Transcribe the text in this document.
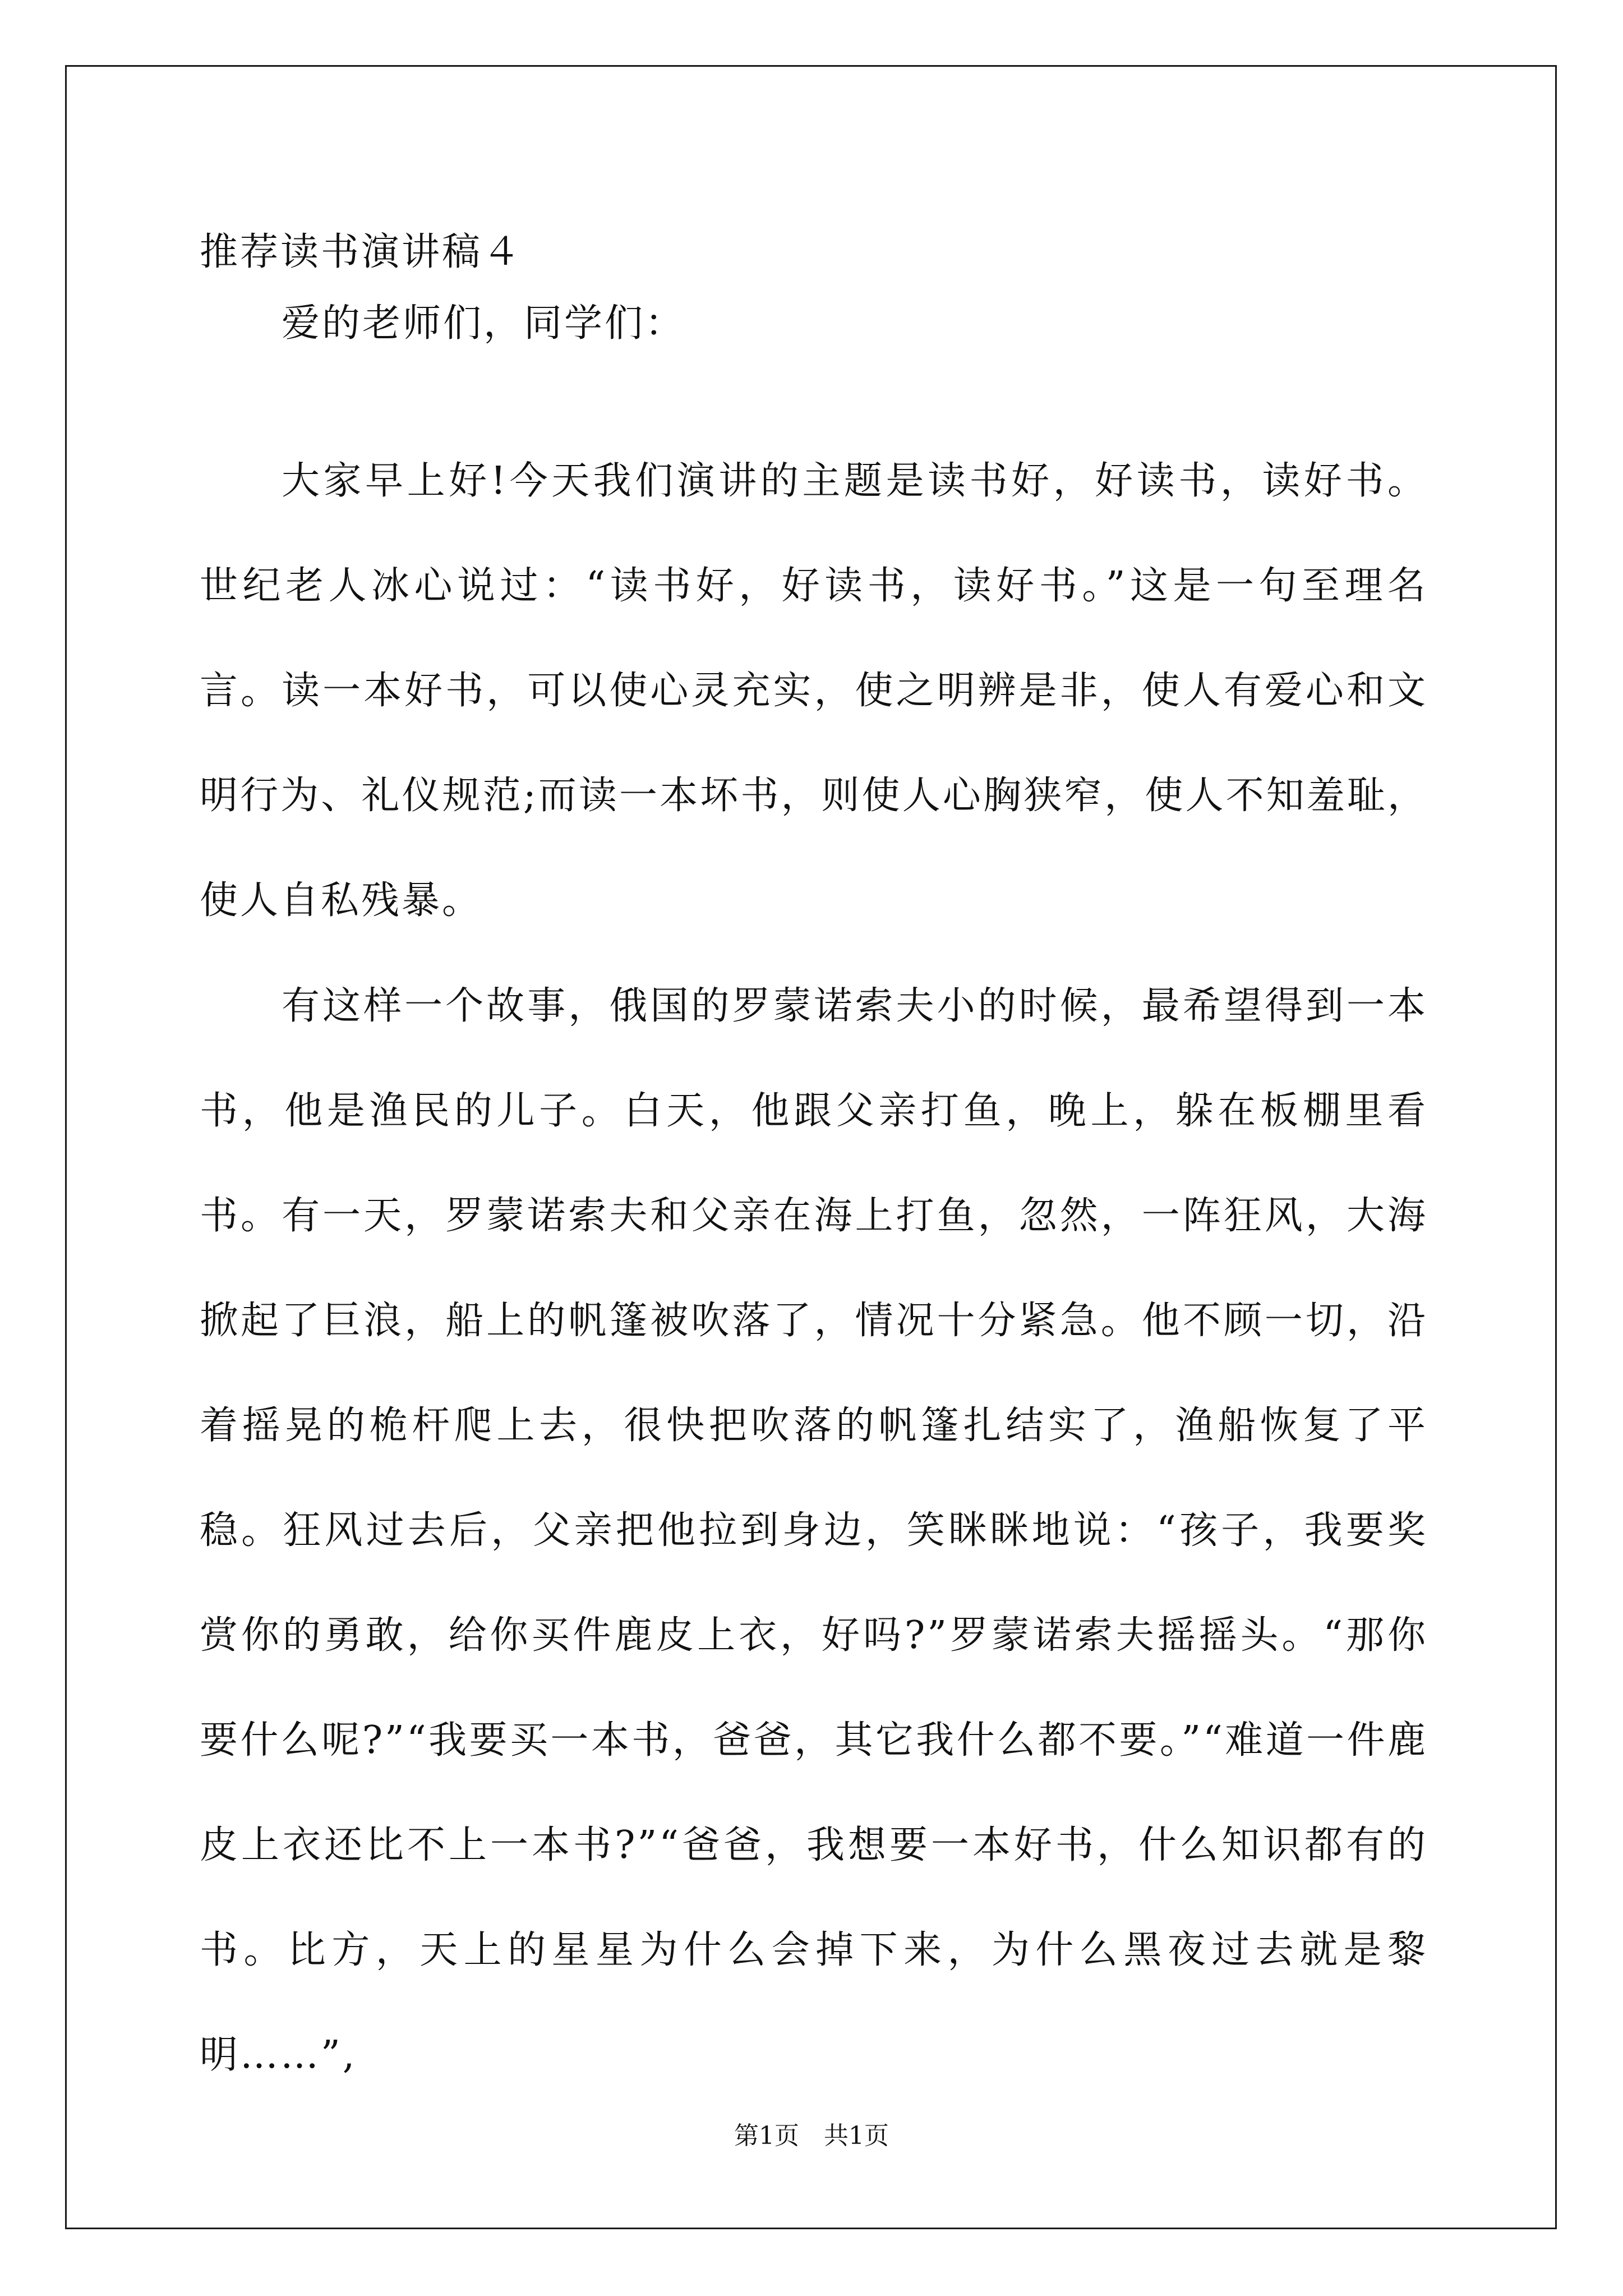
推荐读书演讲稿４

爱的老师们，同学们：

大家早上好!今天我们演讲的主题是读书好，好读书，读好书。世纪老人冰心说过：“读书好，好读书，读好书。”这是一句至理名言。读一本好书，可以使心灵充实，使之明辨是非，使人有爱心和文明行为、礼仪规范;而读一本坏书，则使人心胸狭窄，使人不知羞耻，使人自私残暴。

有这样一个故事，俄国的罗蒙诺索夫小的时候，最希望得到一本书，他是渔民的儿子。白天，他跟父亲打鱼，晚上，躲在板棚里看书。有一天，罗蒙诺索夫和父亲在海上打鱼，忽然，一阵狂风，大海掀起了巨浪，船上的帆篷被吹落了，情况十分紧急。他不顾一切，沿着摇晃的桅杆爬上去，很快把吹落的帆篷扎结实了，渔船恢复了平稳。狂风过去后，父亲把他拉到身边，笑眯眯地说：“孩子，我要奖赏你的勇敢，给你买件鹿皮上衣，好吗?”罗蒙诺索夫摇摇头。“那你要什么呢?”“我要买一本书，爸爸，其它我什么都不要。”“难道一件鹿皮上衣还比不上一本书?”“爸爸，我想要一本好书，什么知识都有的书。比方，天上的星星为什么会掉下来，为什么黑夜过去就是黎明……”,

第1页　共1页
